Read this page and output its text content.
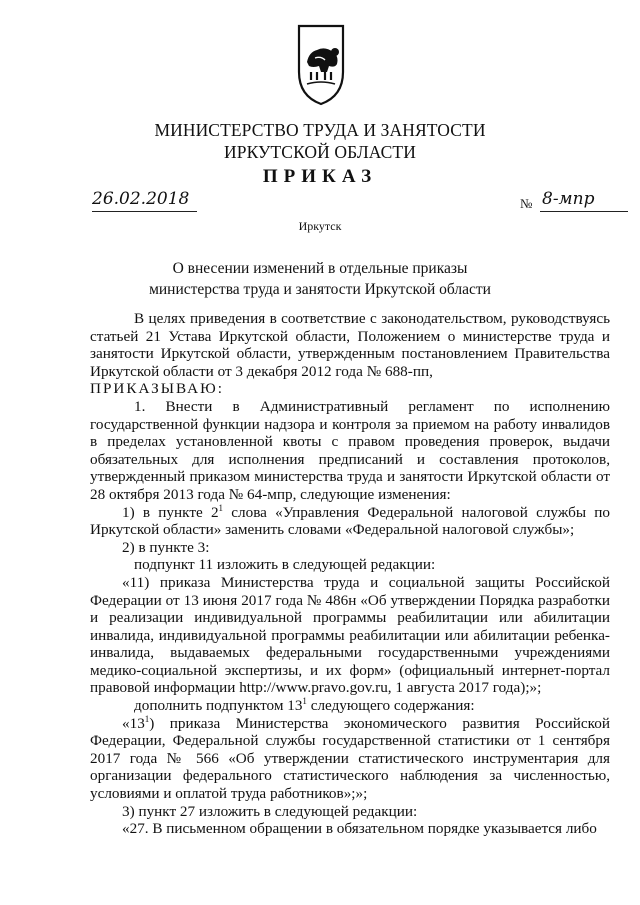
МИНИСТЕРСТВО ТРУДА И ЗАНЯТОСТИ
ИРКУТСКОЙ ОБЛАСТИ
ПРИКАЗ
26.02.2018	№ 8-мпр
Иркутск
О внесении изменений в отдельные приказы
министерства труда и занятости Иркутской области

В целях приведения в соответствие с законодательством, руководствуясь статьей 21 Устава Иркутской области, Положением о министерстве труда и занятости Иркутской области, утвержденным постановлением Правительства Иркутской области от 3 декабря 2012 года № 688-пп,

ПРИКАЗЫВАЮ:

1. Внести в Административный регламент по исполнению государственной функции надзора и контроля за приемом на работу инвалидов в пределах установленной квоты с правом проведения проверок, выдачи обязательных для исполнения предписаний и составления протоколов, утвержденный приказом министерства труда и занятости Иркутской области от 28 октября 2013 года № 64-мпр, следующие изменения:

1) в пункте $2^1$ слова «Управления Федеральной налоговой службы по Иркутской области» заменить словами «Федеральной налоговой службы»;

2) в пункте 3:

подпункт 11 изложить в следующей редакции:

«11) приказа Министерства труда и социальной защиты Российской Федерации от 13 июня 2017 года № 486н «Об утверждении Порядка разработки и реализации индивидуальной программы реабилитации или абилитации инвалида, индивидуальной программы реабилитации или абилитации ребенка-инвалида, выдаваемых федеральными государственными учреждениями медико-социальной экспертизы, и их форм» (официальный интернет-портал правовой информации http://www.pravo.gov.ru, 1 августа 2017 года);»;

дополнить подпунктом $13^1$ следующего содержания:

«$13^1$) приказа Министерства экономического развития Российской Федерации, Федеральной службы государственной статистики от 1 сентября 2017 года № 566 «Об утверждении статистического инструментария для организации федерального статистического наблюдения за численностью, условиями и оплатой труда работников»;»;

3) пункт 27 изложить в следующей редакции:

«27. В письменном обращении в обязательном порядке указывается либо
